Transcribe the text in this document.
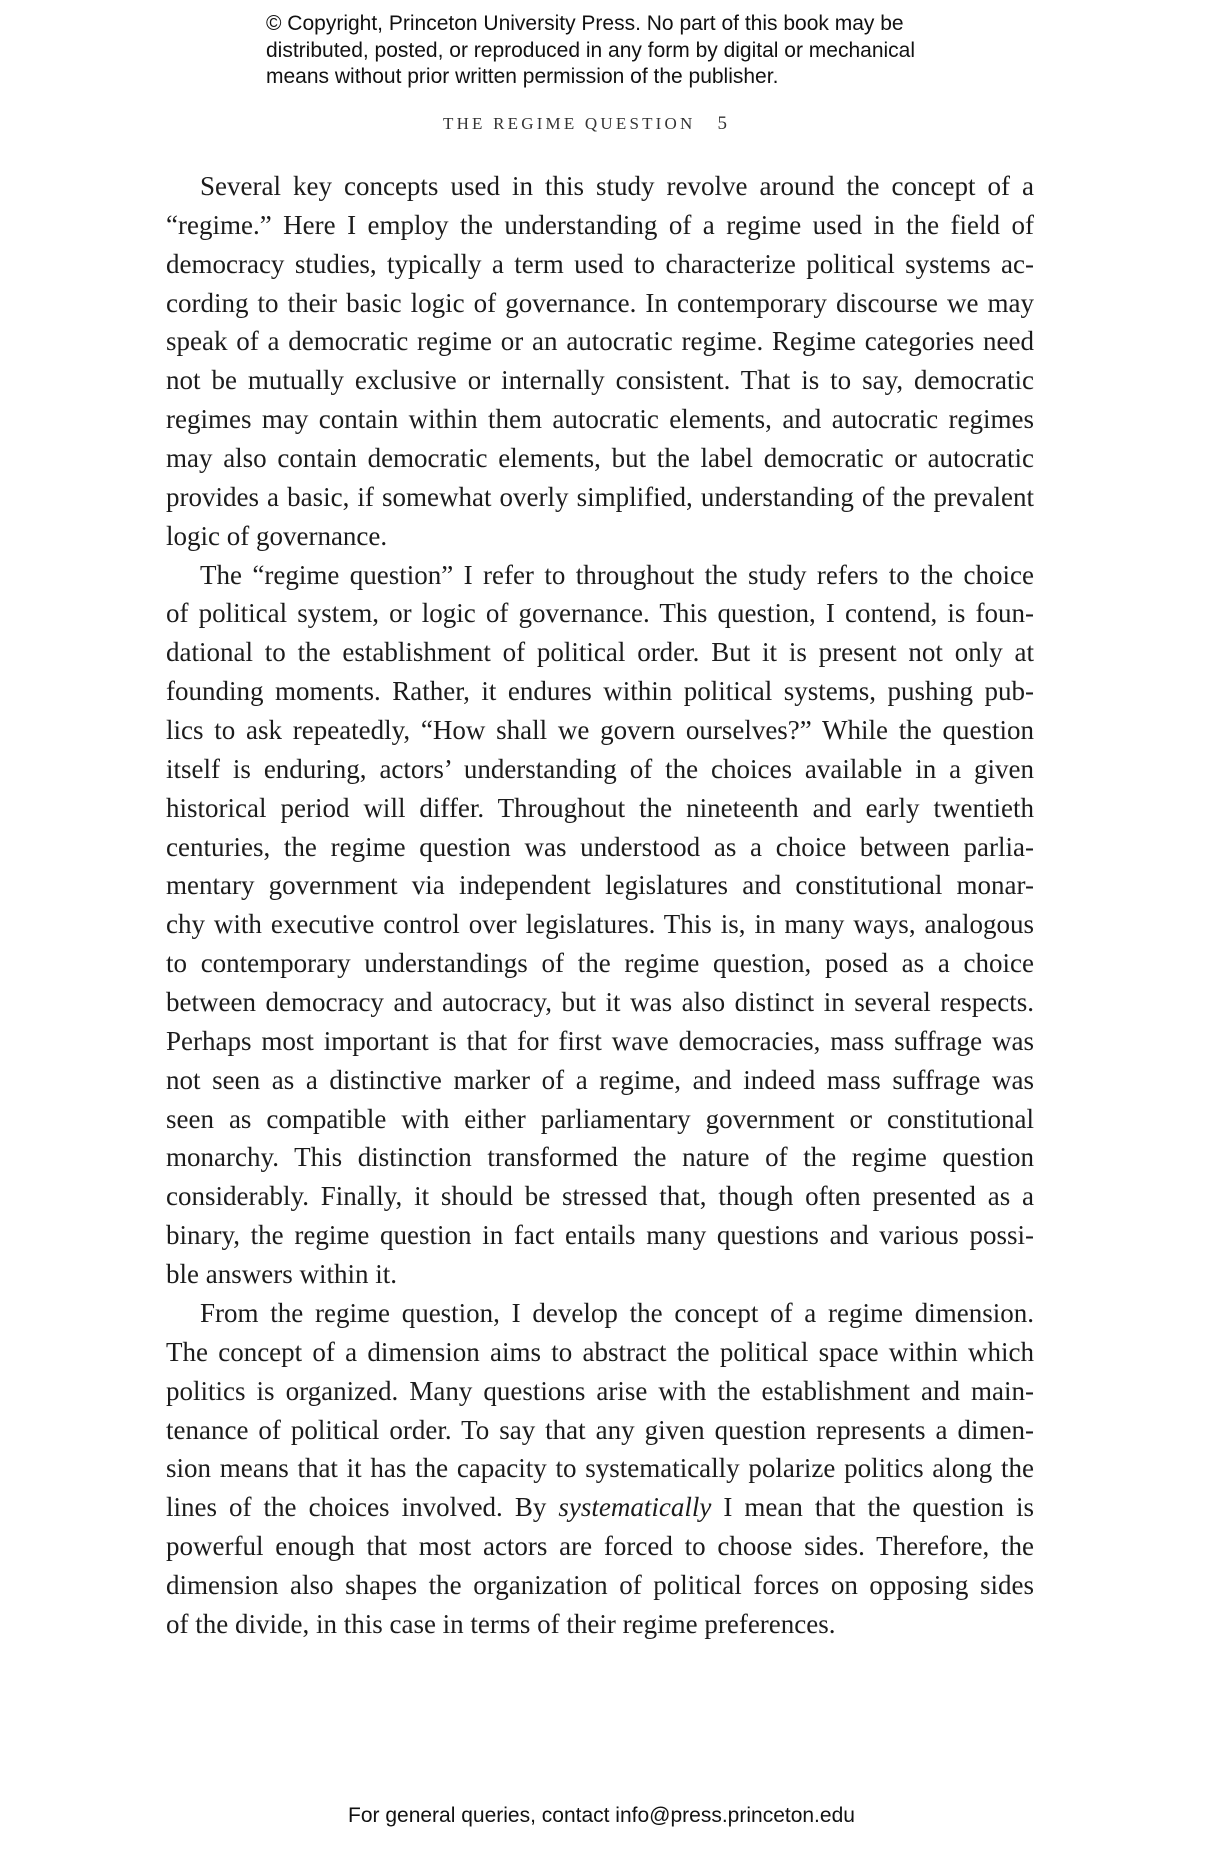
© Copyright, Princeton University Press. No part of this book may be
distributed, posted, or reproduced in any form by digital or mechanical
means without prior written permission of the publisher.
THE REGIME QUESTION 5
Several key concepts used in this study revolve around the concept of a
“regime.” Here I employ the understanding of a regime used in the field of
democracy studies, typically a term used to characterize political systems ac-
cording to their basic logic of governance. In contemporary discourse we may
speak of a democratic regime or an autocratic regime. Regime categories need
not be mutually exclusive or internally consistent. That is to say, democratic
regimes may contain within them autocratic elements, and autocratic regimes
may also contain democratic elements, but the label democratic or autocratic
provides a basic, if somewhat overly simplified, understanding of the prevalent
logic of governance.
The “regime question” I refer to throughout the study refers to the choice
of political system, or logic of governance. This question, I contend, is foun-
dational to the establishment of political order. But it is present not only at
founding moments. Rather, it endures within political systems, pushing pub-
lics to ask repeatedly, “How shall we govern ourselves?” While the question
itself is enduring, actors’ understanding of the choices available in a given
historical period will differ. Throughout the nineteenth and early twentieth
centuries, the regime question was understood as a choice between parlia-
mentary government via independent legislatures and constitutional monar-
chy with executive control over legislatures. This is, in many ways, analogous
to contemporary understandings of the regime question, posed as a choice
between democracy and autocracy, but it was also distinct in several respects.
Perhaps most important is that for first wave democracies, mass suffrage was
not seen as a distinctive marker of a regime, and indeed mass suffrage was
seen as compatible with either parliamentary government or constitutional
monarchy. This distinction transformed the nature of the regime question
considerably. Finally, it should be stressed that, though often presented as a
binary, the regime question in fact entails many questions and various possi-
ble answers within it.
From the regime question, I develop the concept of a regime dimension.
The concept of a dimension aims to abstract the political space within which
politics is organized. Many questions arise with the establishment and main-
tenance of political order. To say that any given question represents a dimen-
sion means that it has the capacity to systematically polarize politics along the
lines of the choices involved. By systematically I mean that the question is
powerful enough that most actors are forced to choose sides. Therefore, the
dimension also shapes the organization of political forces on opposing sides
of the divide, in this case in terms of their regime preferences.
For general queries, contact info@press.princeton.edu
